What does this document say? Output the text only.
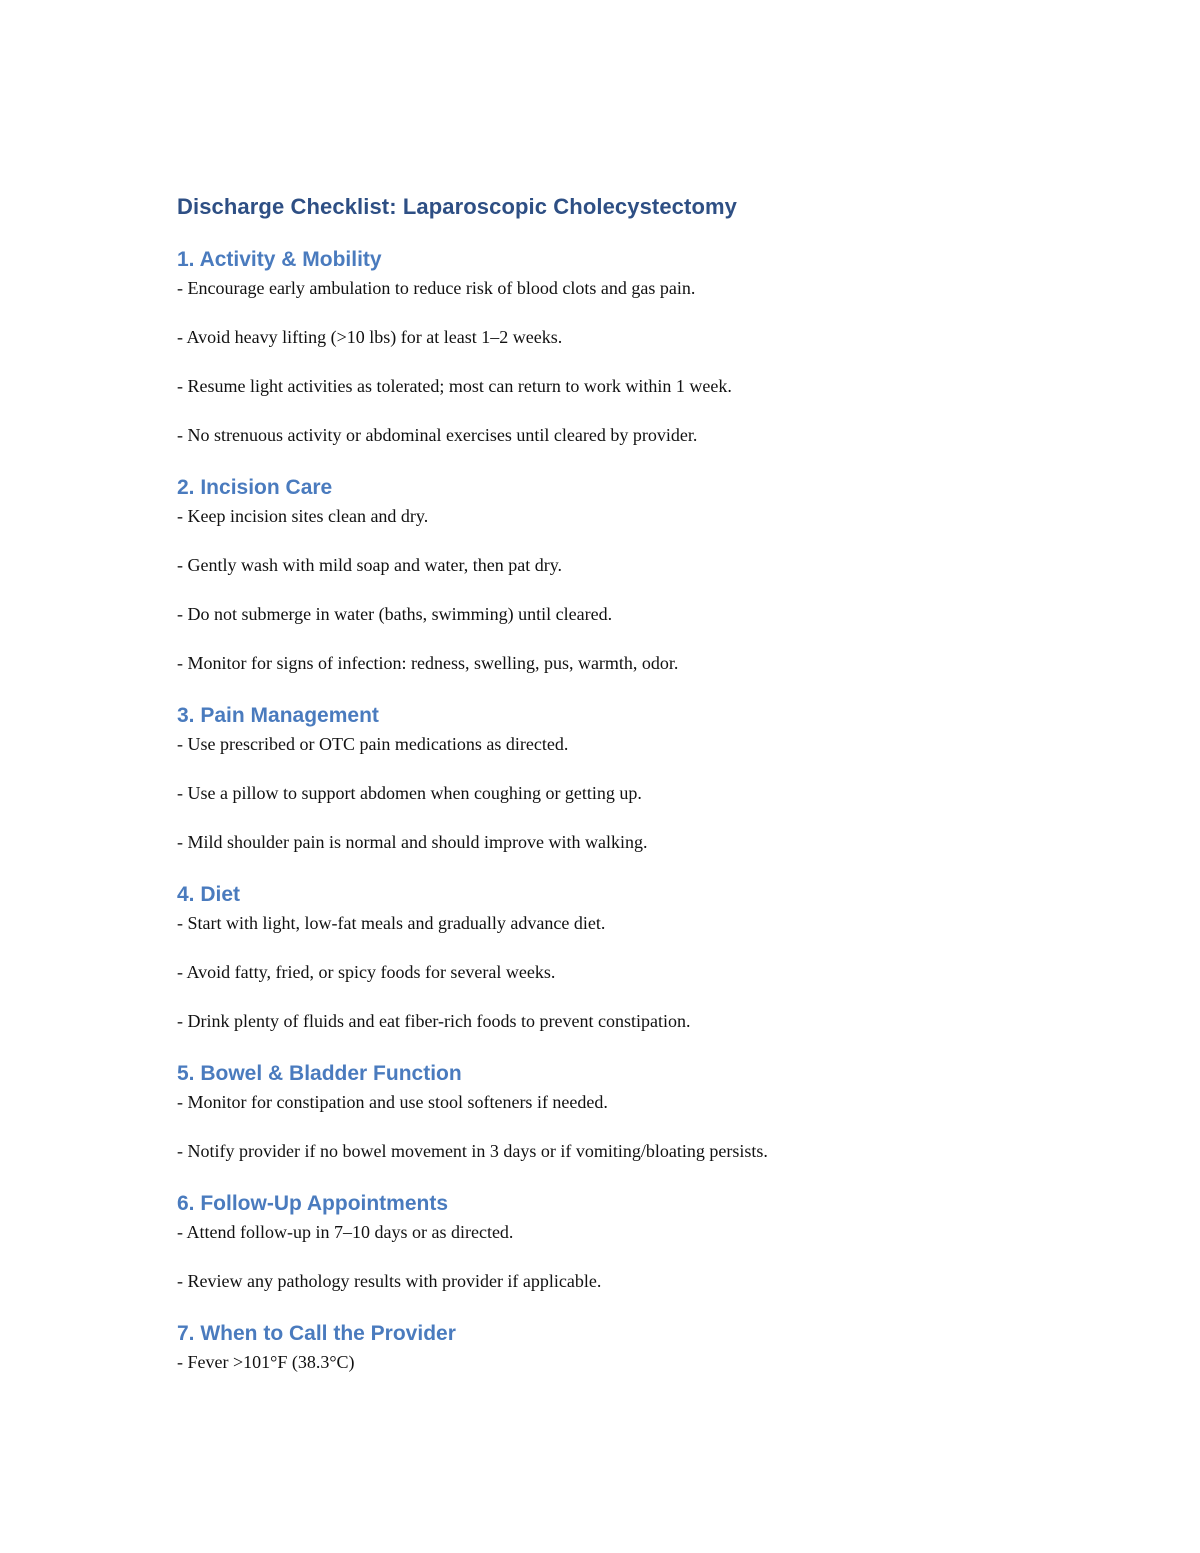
Discharge Checklist: Laparoscopic Cholecystectomy
1. Activity & Mobility

- Encourage early ambulation to reduce risk of blood clots and gas pain.

- Avoid heavy lifting (>10 lbs) for at least 1–2 weeks.

- Resume light activities as tolerated; most can return to work within 1 week.

- No strenuous activity or abdominal exercises until cleared by provider.

2. Incision Care

- Keep incision sites clean and dry.

- Gently wash with mild soap and water, then pat dry.

- Do not submerge in water (baths, swimming) until cleared.

- Monitor for signs of infection: redness, swelling, pus, warmth, odor.

3. Pain Management

- Use prescribed or OTC pain medications as directed.

- Use a pillow to support abdomen when coughing or getting up.

- Mild shoulder pain is normal and should improve with walking.

4. Diet

- Start with light, low-fat meals and gradually advance diet.

- Avoid fatty, fried, or spicy foods for several weeks.

- Drink plenty of fluids and eat fiber-rich foods to prevent constipation.

5. Bowel & Bladder Function

- Monitor for constipation and use stool softeners if needed.

- Notify provider if no bowel movement in 3 days or if vomiting/bloating persists.

6. Follow-Up Appointments

- Attend follow-up in 7–10 days or as directed.

- Review any pathology results with provider if applicable.

7. When to Call the Provider

- Fever >101°F (38.3°C)
